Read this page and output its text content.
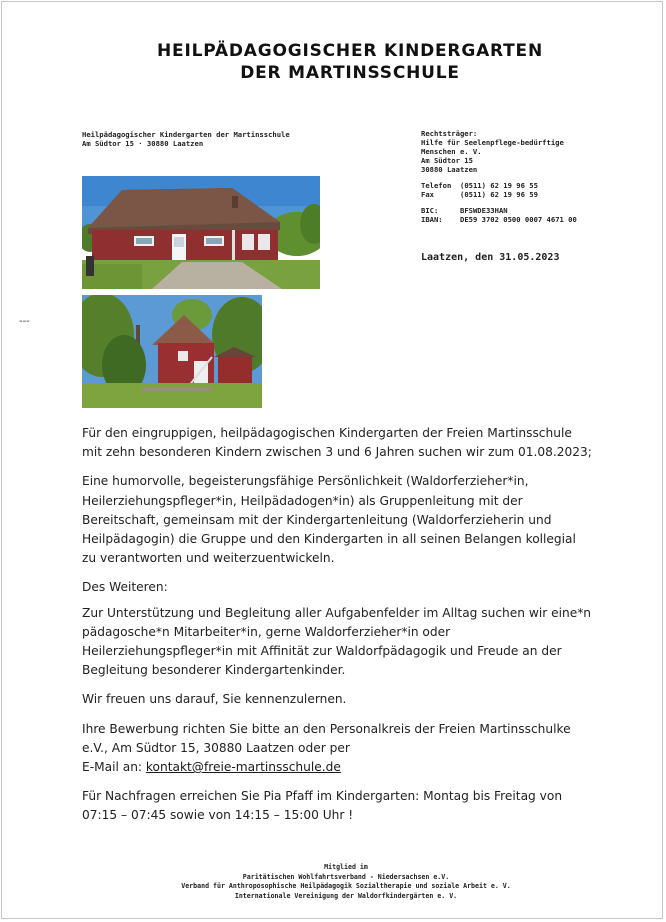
HEILPÄDAGOGISCHER KINDERGARTEN
DER MARTINSSCHULE
Heilpädagogischer Kindergarten der Martinsschule
Am Südtor 15 · 30880 Laatzen
Rechtsträger:
Hilfe für Seelenpflege-bedürftige
Menschen e. V.
Am Südtor 15
30880 Laatzen
Telefon	(0511) 62 19 96 55
Fax	(0511) 62 19 96 59
BIC:	BFSWDE33HAN
IBAN:	DE59 3702 0500 0007 4671 00
Laatzen, den 31.05.2023
---

Für den eingruppigen, heilpädagogischen Kindergarten der Freien Martinsschule mit zehn besonderen Kindern zwischen 3 und 6 Jahren suchen wir zum 01.08.2023;

Eine humorvolle, begeisterungsfähige Persönlichkeit (Waldorferzieher*in, Heilerziehungspfleger*in, Heilpädadogen*in) als Gruppenleitung mit der Bereitschaft, gemeinsam mit der Kindergartenleitung (Waldorferzieherin und Heilpädagogin) die Gruppe und den Kindergarten in all seinen Belangen kollegial zu verantworten und weiterzuentwickeln.

Des Weiteren:

Zur Unterstützung und Begleitung aller Aufgabenfelder im Alltag suchen wir eine*n pädagosche*n Mitarbeiter*in, gerne Waldorferzieher*in oder Heilerziehungspfleger*in mit Affinität zur Waldorfpädagogik und Freude an der Begleitung besonderer Kindergartenkinder.

Wir freuen uns darauf, Sie kennenzulernen.

Ihre Bewerbung richten Sie bitte an den Personalkreis der Freien Martinsschulke e.V., Am Südtor 15, 30880 Laatzen oder per
E-Mail an: kontakt@freie-martinsschule.de

Für Nachfragen erreichen Sie Pia Pfaff im Kindergarten: Montag bis Freitag von 07:15 – 07:45 sowie von 14:15 – 15:00 Uhr !

Mitglied im
Paritätischen Wohlfahrtsverband - Niedersachsen e.V.
Verband für Anthroposophische Heilpädagogik Sozialtherapie und soziale Arbeit e. V.
Internationale Vereinigung der Waldorfkindergärten e. V.
